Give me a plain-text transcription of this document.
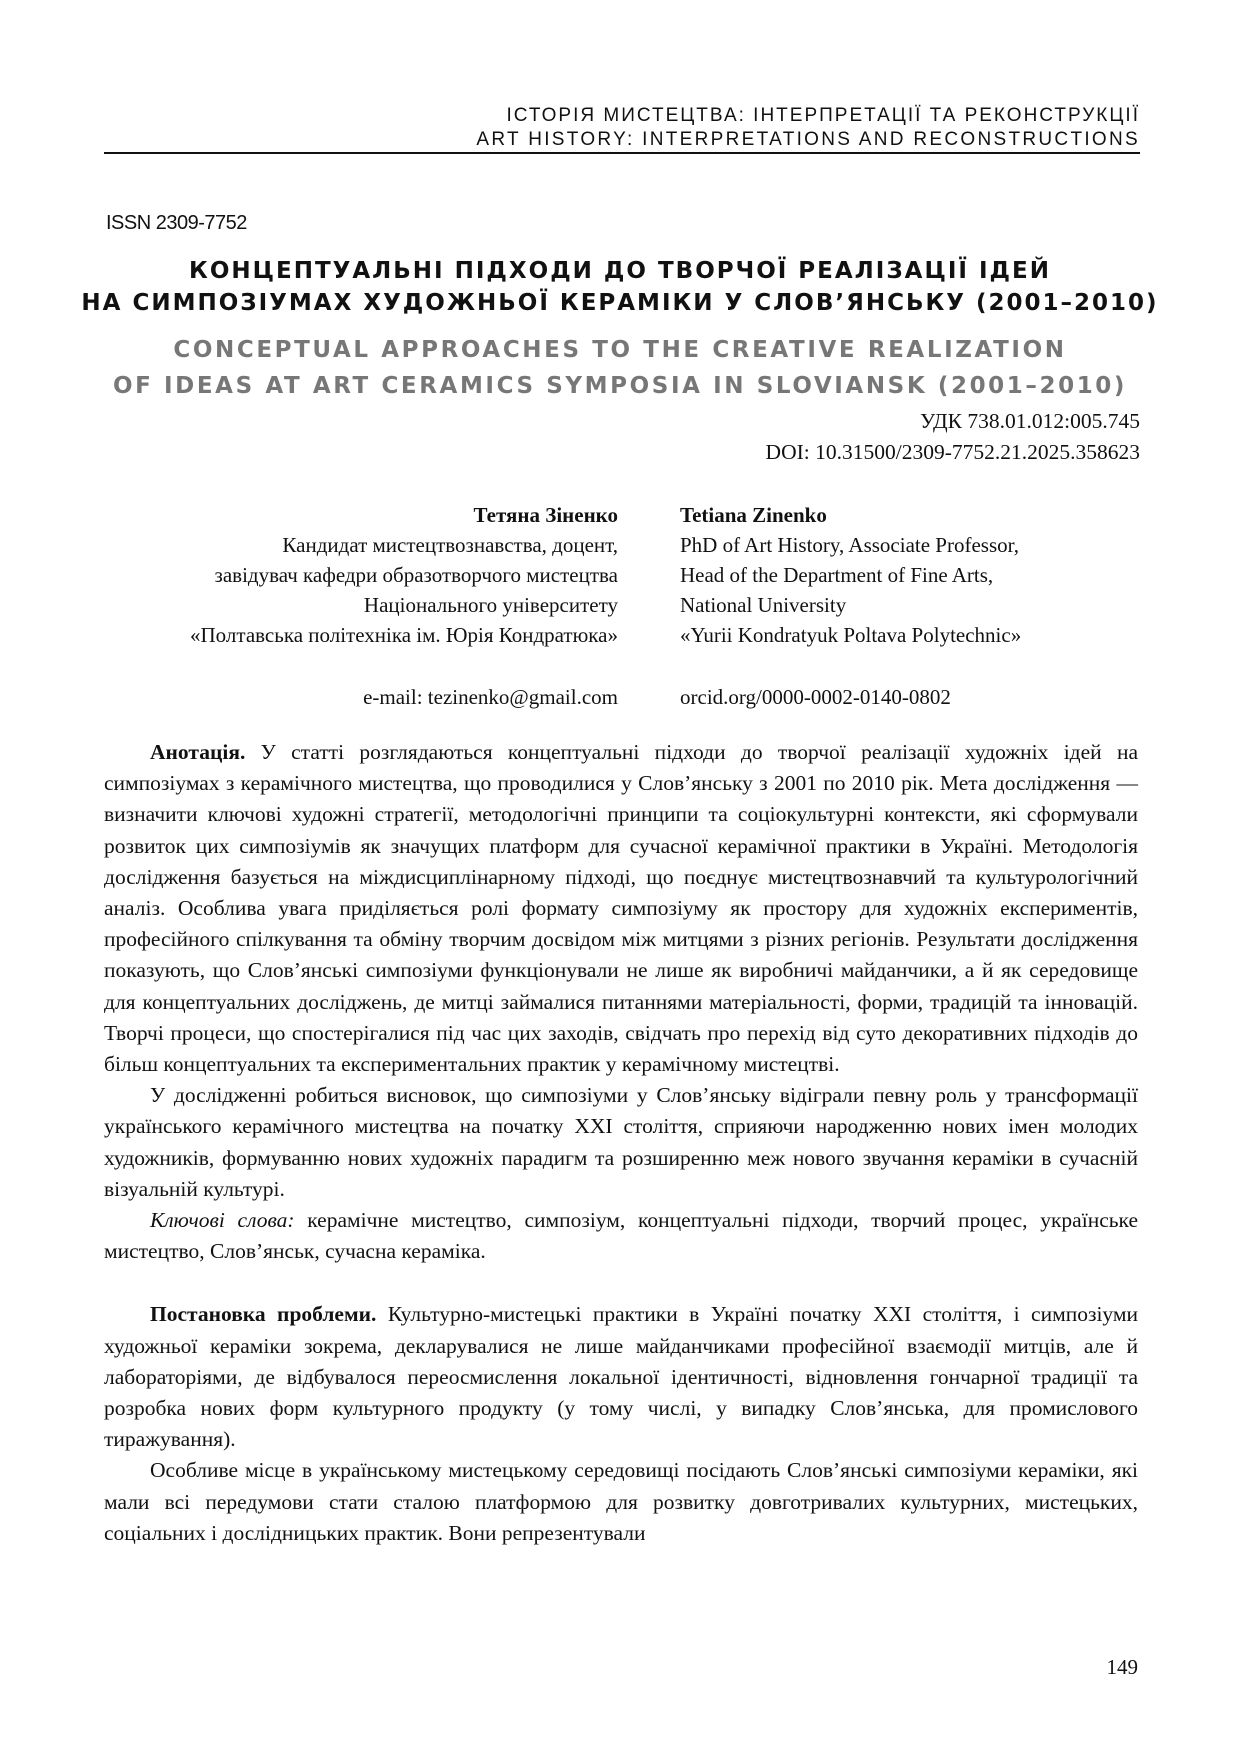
ІСТОРІЯ МИСТЕЦТВА: ІНТЕРПРЕТАЦІЇ ТА РЕКОНСТРУКЦІЇ
ART HISTORY: INTERPRETATIONS AND RECONSTRUCTIONS
ISSN 2309-7752
КОНЦЕПТУАЛЬНІ ПІДХОДИ ДО ТВОРЧОЇ РЕАЛІЗАЦІЇ ІДЕЙ
НА СИМПОЗІУМАХ ХУДОЖНЬОЇ КЕРАМІКИ У СЛОВ’ЯНСЬКУ (2001–2010)
CONCEPTUAL APPROACHES TO THE CREATIVE REALIZATION
OF IDEAS AT ART CERAMICS SYMPOSIA IN SLOVIANSK (2001–2010)
УДК 738.01.012:005.745
DOI: 10.31500/2309-7752.21.2025.358623
Тетяна Зіненко
Кандидат мистецтвознавства, доцент,
завідувач кафедри образотворчого мистецтва
Національного університету
«Полтавська політехніка ім. Юрія Кондратюка»
e-mail: tezinenko@gmail.com
Tetiana Zinenko
PhD of Art History, Associate Professor,
Head of the Department of Fine Arts,
National University
«Yurii Kondratyuk Poltava Polytechnic»
orcid.org/0000-0002-0140-0802

Анотація. У статті розглядаються концептуальні підходи до творчої реалізації художніх ідей на симпозіумах з керамічного мистецтва, що проводилися у Слов’янську з 2001 по 2010 рік. Мета дослідження — визначити ключові художні стратегії, методологічні принципи та соціокультурні контексти, які сформували розвиток цих симпозіумів як значущих платформ для сучасної керамічної практики в Україні. Методологія дослідження базується на міждисциплінарному підході, що поєднує мистецтвознавчий та культурологічний аналіз. Особлива увага приділяється ролі формату симпозіуму як простору для художніх експериментів, професійного спілкування та обміну творчим досвідом між митцями з різних регіонів. Результати дослідження показують, що Слов’янські симпозіуми функціонували не лише як виробничі майданчики, а й як середовище для концептуальних досліджень, де митці займалися питаннями матеріальності, форми, традицій та інновацій. Творчі процеси, що спостерігалися під час цих заходів, свідчать про перехід від суто декоративних підходів до більш концептуальних та експериментальних практик у керамічному мистецтві.

У дослідженні робиться висновок, що симпозіуми у Слов’янську відіграли певну роль у трансформації українського керамічного мистецтва на початку XXI століття, сприяючи народженню нових імен молодих художників, формуванню нових художніх парадигм та розширенню меж нового звучання кераміки в сучасній візуальній культурі.

Ключові слова: керамічне мистецтво, симпозіум, концептуальні підходи, творчий процес, українське мистецтво, Слов’янськ, сучасна кераміка.

Постановка проблеми. Культурно-мистецькі практики в Україні початку XXI століття, і симпозіуми художньої кераміки зокрема, декларувалися не лише майданчиками професійної взаємодії митців, але й лабораторіями, де відбувалося переосмислення локальної ідентичності, відновлення гончарної традиції та розробка нових форм культурного продукту (у тому числі, у випадку Слов’янська, для промислового тиражування).

Особливе місце в українському мистецькому середовищі посідають Слов’янські симпозіуми кераміки, які мали всі передумови стати сталою платформою для розвитку довготривалих культурних, мистецьких, соціальних і дослідницьких практик. Вони репрезентували

149
